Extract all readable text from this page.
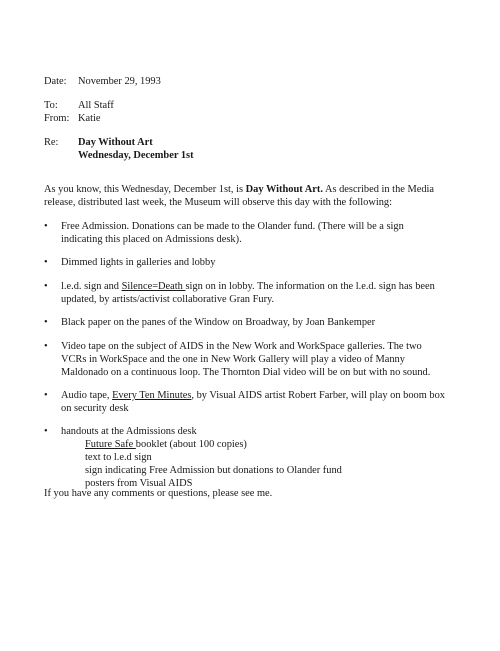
Date: November 29, 1993
To: All Staff
From: Katie
Re: Day Without Art
Wednesday, December 1st
As you know, this Wednesday, December 1st, is Day Without Art. As described in the Media
release, distributed last week, the Museum will observe this day with the following:
• Free Admission. Donations can be made to the Olander fund. (There will be a sign
indicating this placed on Admissions desk).
• Dimmed lights in galleries and lobby
• l.e.d. sign and Silence=Death sign on in lobby. The information on the l.e.d. sign has been
updated, by artists/activist collaborative Gran Fury.
• Black paper on the panes of the Window on Broadway, by Joan Bankemper
• Video tape on the subject of AIDS in the New Work and WorkSpace galleries. The two
VCRs in WorkSpace and the one in New Work Gallery will play a video of Manny
Maldonado on a continuous loop. The Thornton Dial video will be on but with no sound.
• Audio tape, Every Ten Minutes, by Visual AIDS artist Robert Farber, will play on boom box
on security desk
• handouts at the Admissions desk
Future Safe booklet (about 100 copies)
text to l.e.d sign
sign indicating Free Admission but donations to Olander fund
posters from Visual AIDS
If you have any comments or questions, please see me.
